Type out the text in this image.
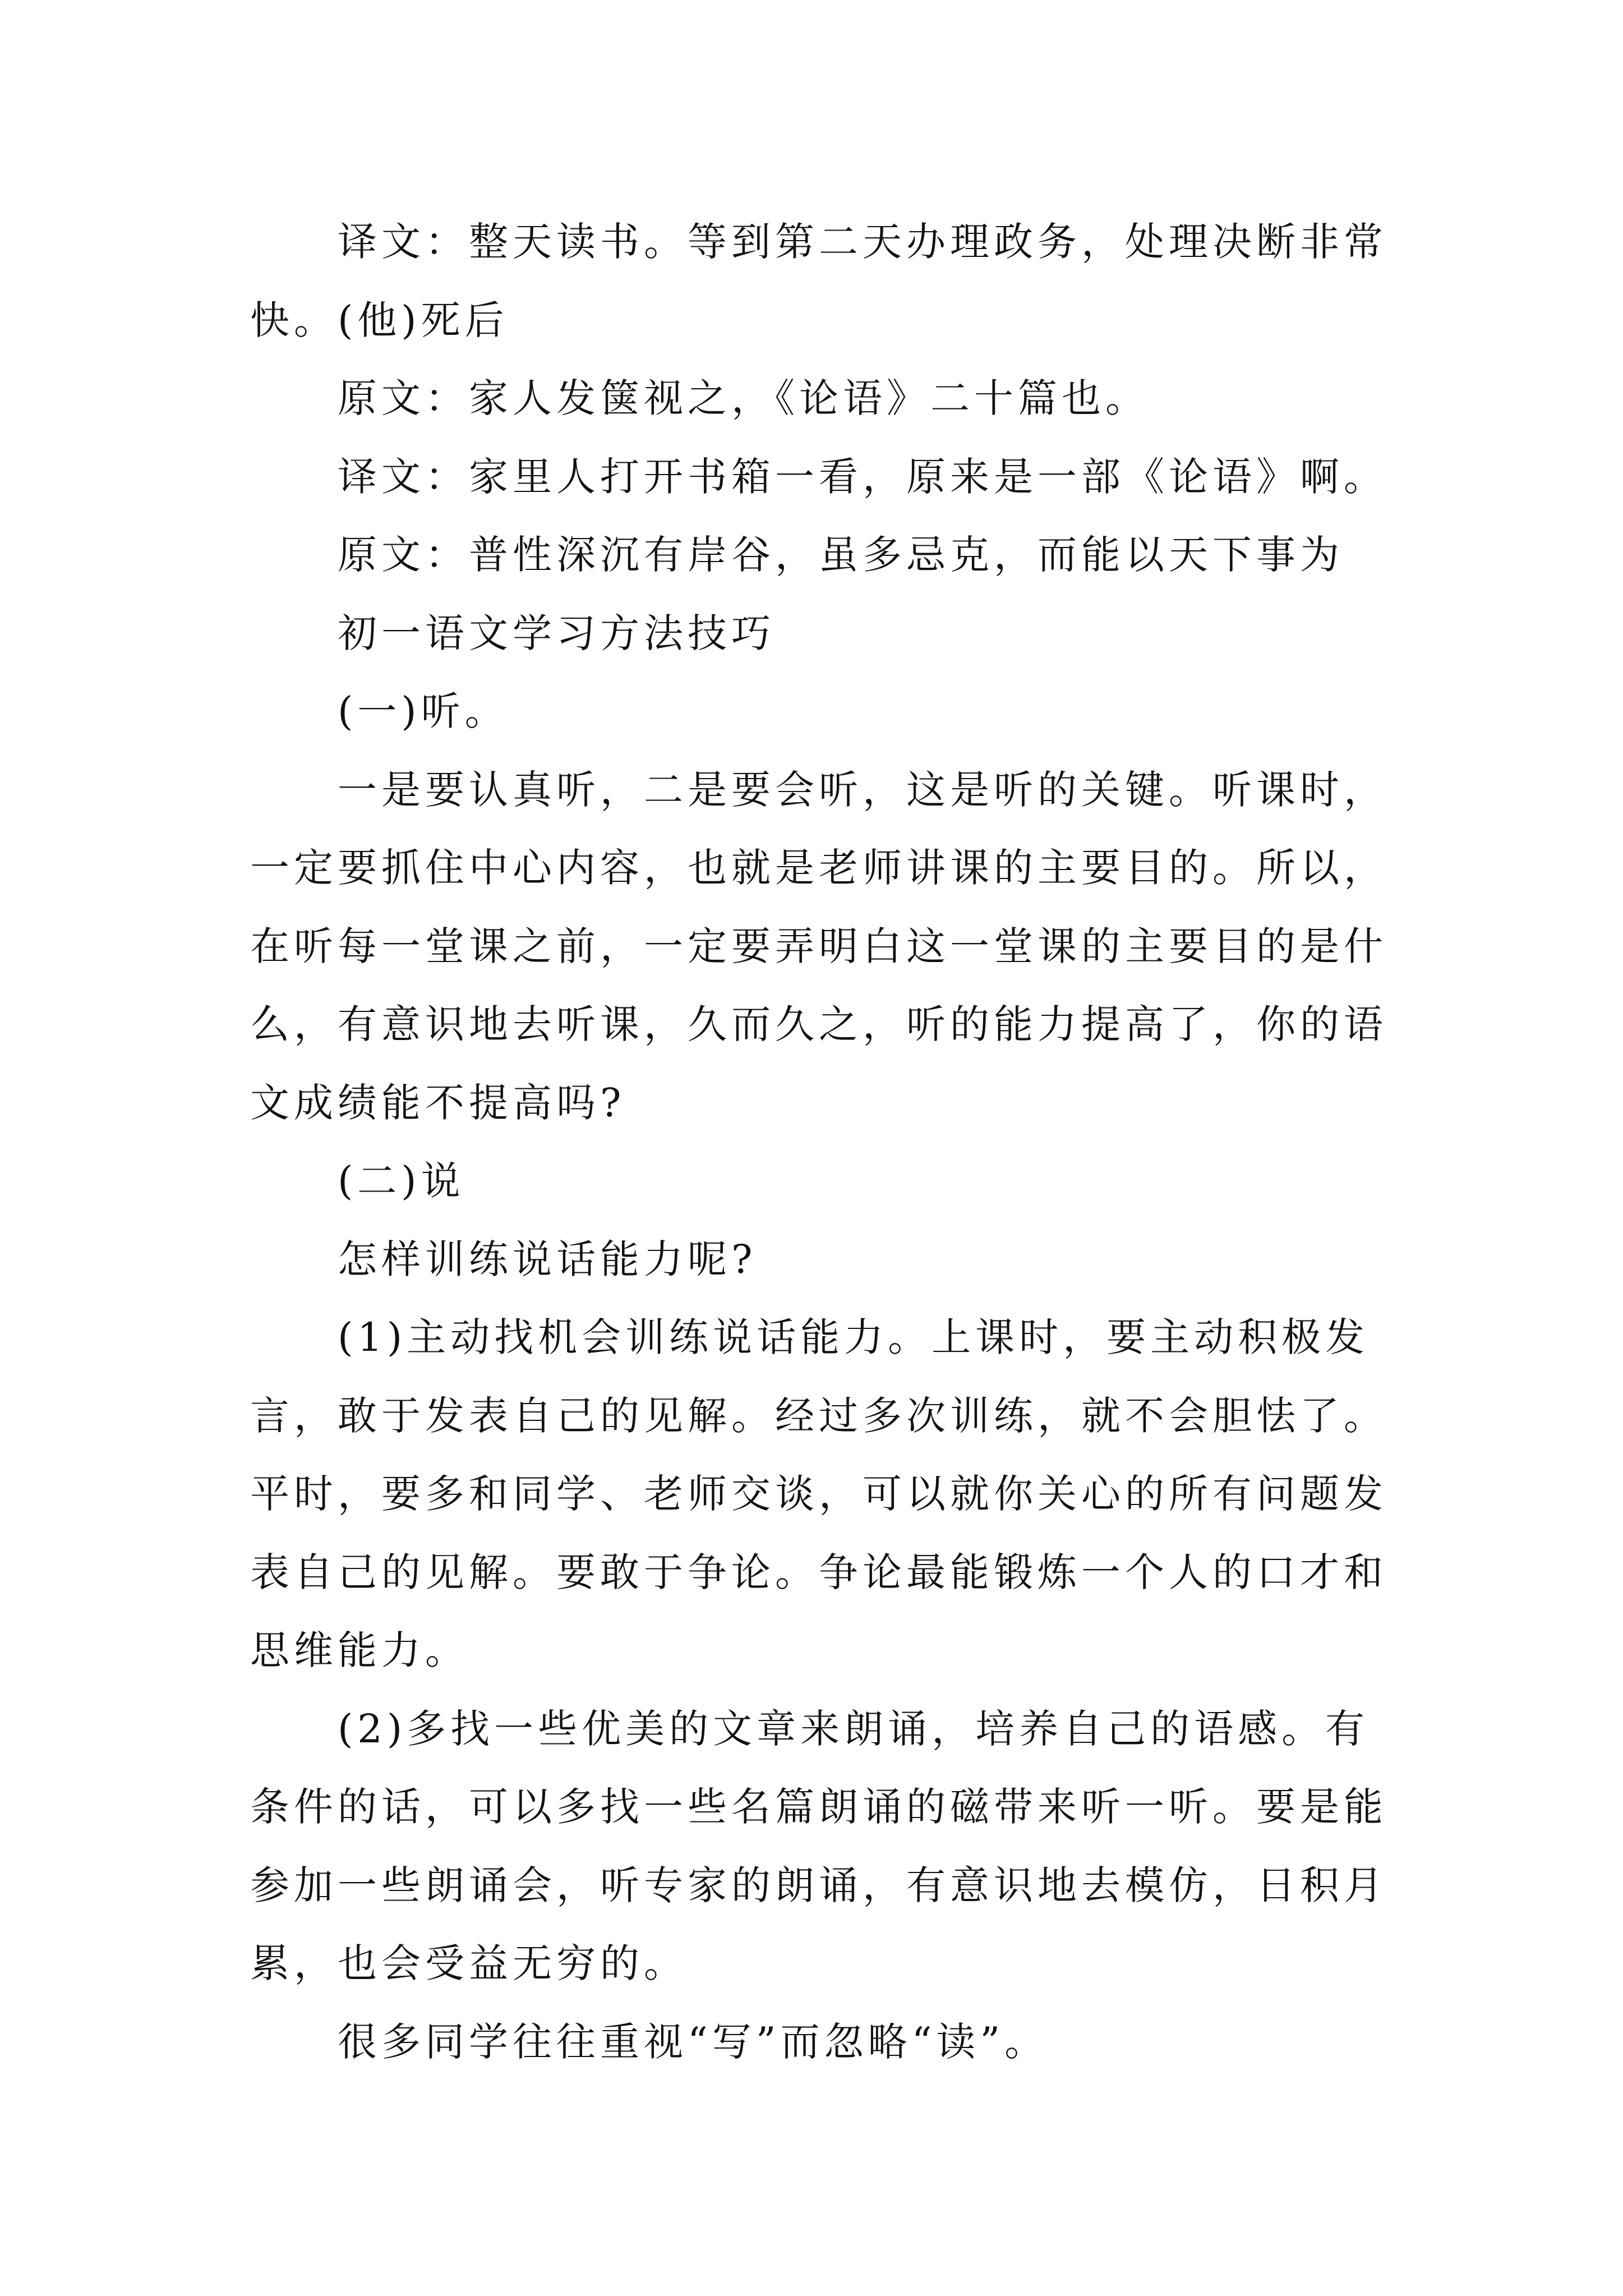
译文：整天读书。等到第二天办理政务，处理决断非常
快。(他)死后
原文：家人发箧视之，《论语》二十篇也。
译文：家里人打开书箱一看，原来是一部《论语》啊。
原文：普性深沉有岸谷，虽多忌克，而能以天下事为
初一语文学习方法技巧
(一)听。
一是要认真听，二是要会听，这是听的关键。听课时，
一定要抓住中心内容，也就是老师讲课的主要目的。所以，
在听每一堂课之前，一定要弄明白这一堂课的主要目的是什
么，有意识地去听课，久而久之，听的能力提高了，你的语
文成绩能不提高吗?
(二)说
怎样训练说话能力呢?
(1)主动找机会训练说话能力。上课时，要主动积极发
言，敢于发表自己的见解。经过多次训练，就不会胆怯了。
平时，要多和同学、老师交谈，可以就你关心的所有问题发
表自己的见解。要敢于争论。争论最能锻炼一个人的口才和
思维能力。
(2)多找一些优美的文章来朗诵，培养自己的语感。有
条件的话，可以多找一些名篇朗诵的磁带来听一听。要是能
参加一些朗诵会，听专家的朗诵，有意识地去模仿，日积月
累，也会受益无穷的。
很多同学往往重视“写”而忽略“读”。
